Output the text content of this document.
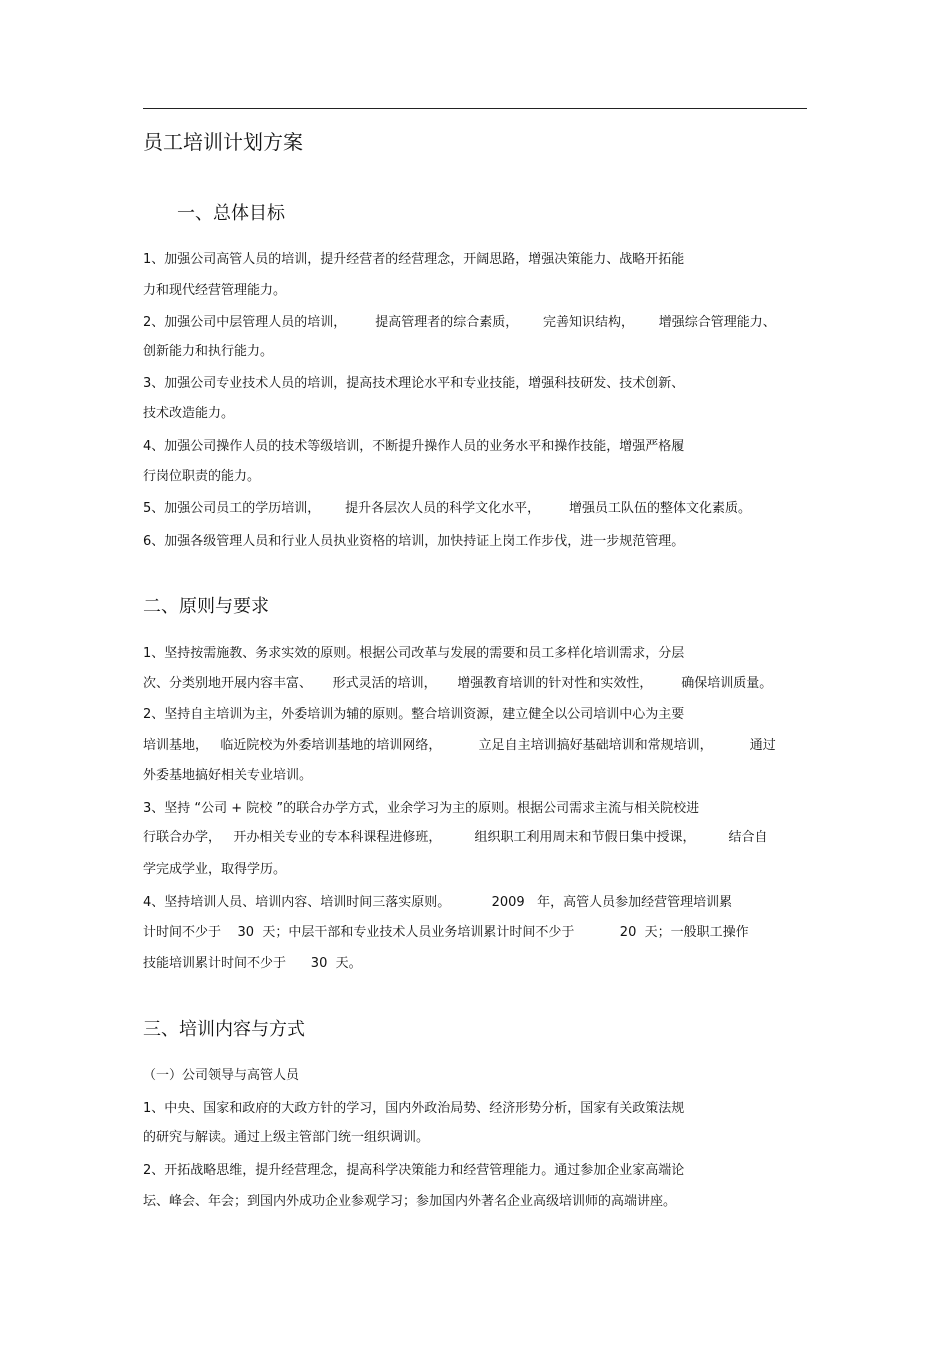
员工培训计划方案
一、总体目标
1、加强公司高管人员的培训，提升经营者的经营理念，开阔思路，增强决策能力、战略开拓能
力和现代经营管理能力。
2、加强公司中层管理人员的培训，       提高管理者的综合素质，      完善知识结构，      增强综合管理能力、
创新能力和执行能力。
3、加强公司专业技术人员的培训，提高技术理论水平和专业技能，增强科技研发、技术创新、
技术改造能力。
4、加强公司操作人员的技术等级培训，不断提升操作人员的业务水平和操作技能，增强严格履
行岗位职责的能力。
5、加强公司员工的学历培训，      提升各层次人员的科学文化水平，       增强员工队伍的整体文化素质。
6、加强各级管理人员和行业人员执业资格的培训，加快持证上岗工作步伐，进一步规范管理。
二、原则与要求
1、坚持按需施教、务求实效的原则。根据公司改革与发展的需要和员工多样化培训需求，分层
次、分类别地开展内容丰富、     形式灵活的培训，     增强教育培训的针对性和实效性，       确保培训质量。
2、坚持自主培训为主，外委培训为辅的原则。整合培训资源，建立健全以公司培训中心为主要
培训基地，   临近院校为外委培训基地的培训网络，         立足自主培训搞好基础培训和常规培训，         通过
外委基地搞好相关专业培训。
3、坚持 “公司 + 院校 ”的联合办学方式，业余学习为主的原则。根据公司需求主流与相关院校进
行联合办学，   开办相关专业的专本科课程进修班，        组织职工利用周末和节假日集中授课，        结合自
学完成学业，取得学历。
4、坚持培训人员、培训内容、培训时间三落实原则。          2009   年，高管人员参加经营管理培训累
计时间不少于    30  天；中层干部和专业技术人员业务培训累计时间不少于           20  天；一般职工操作
技能培训累计时间不少于      30  天。
三、培训内容与方式
（一）公司领导与高管人员
1、中央、国家和政府的大政方针的学习，国内外政治局势、经济形势分析，国家有关政策法规
的研究与解读。通过上级主管部门统一组织调训。
2、开拓战略思维，提升经营理念，提高科学决策能力和经营管理能力。通过参加企业家高端论
坛、峰会、年会；到国内外成功企业参观学习；参加国内外著名企业高级培训师的高端讲座。
